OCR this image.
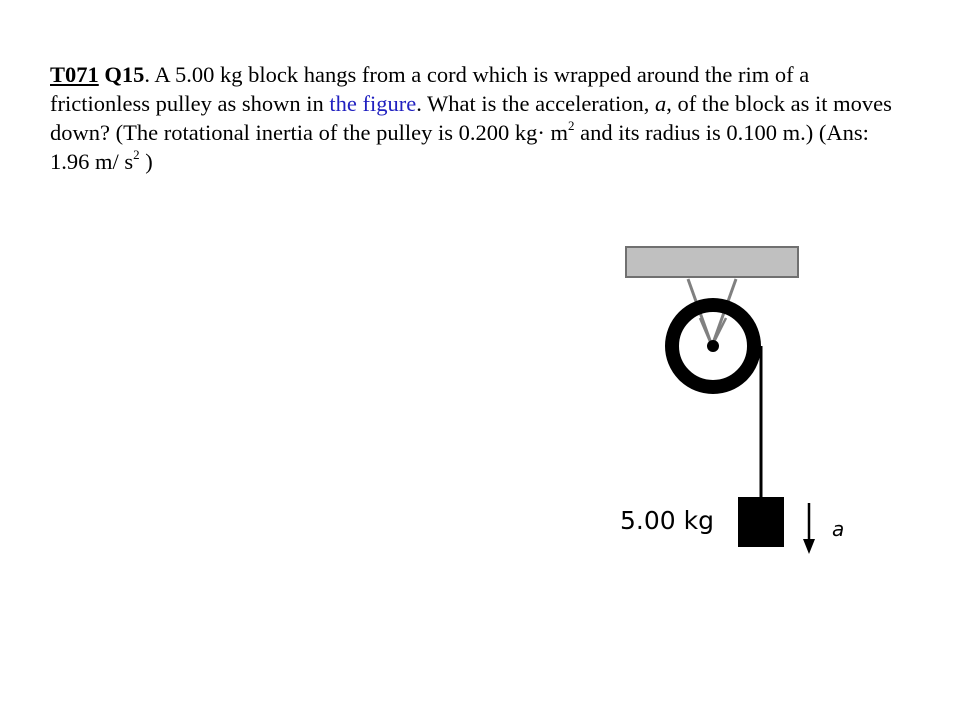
T071 Q15. A 5.00 kg block hangs from a cord which is wrapped around the rim of a frictionless pulley as shown in the figure. What is the acceleration, a, of the block as it moves down? (The rotational inertia of the pulley is 0.200 $kg\cdot m^2$ and its radius is 0.100 m.) (Ans: 1.96 m/ $s^2$ )

5.00 kg	a
